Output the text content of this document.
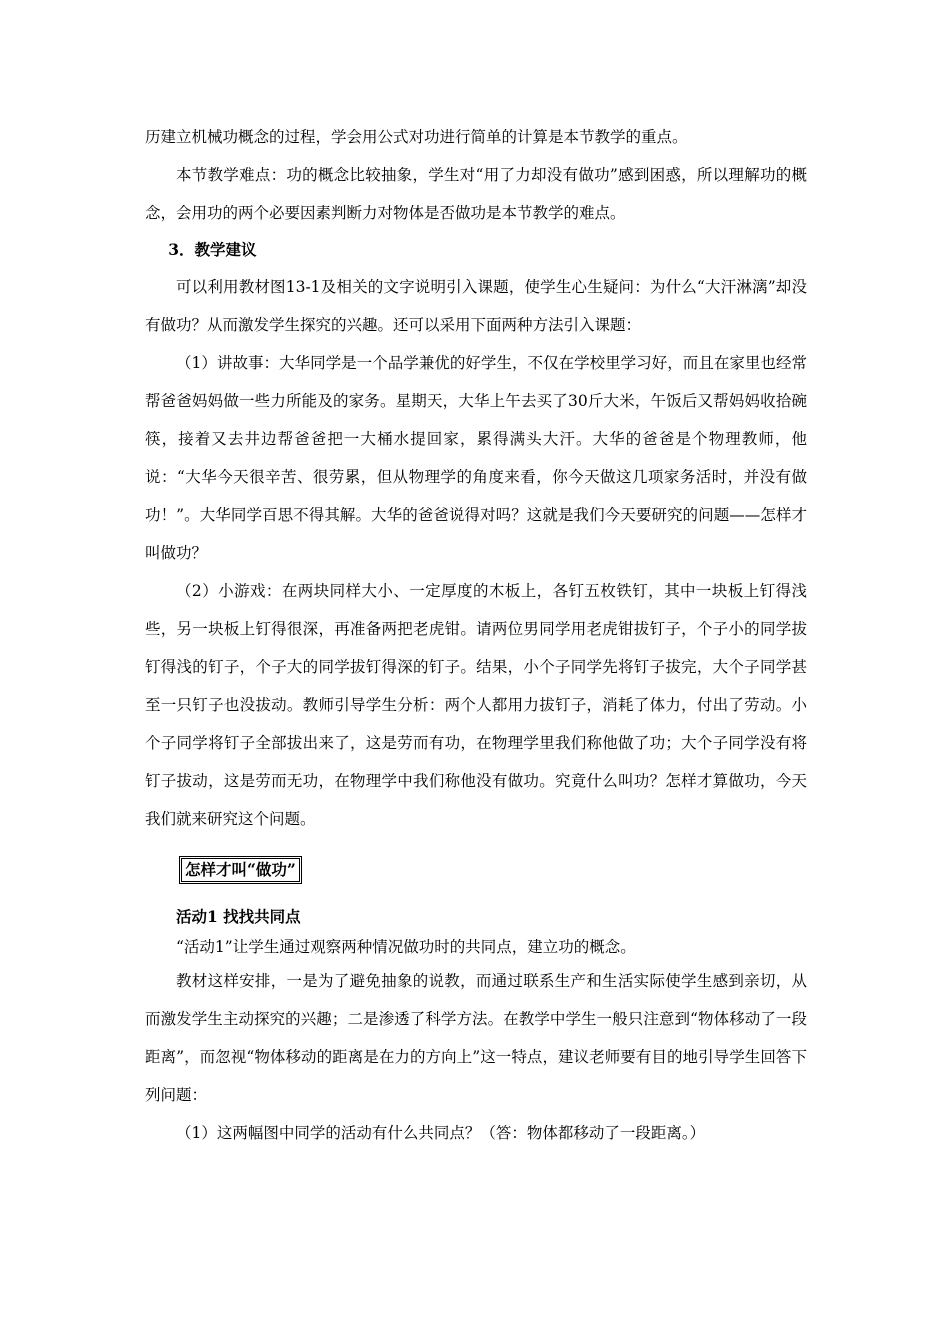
历建立机械功概念的过程，学会用公式对功进行简单的计算是本节教学的重点。

本节教学难点：功的概念比较抽象，学生对“用了力却没有做功”感到困惑，所以理解功的概念，会用功的两个必要因素判断力对物体是否做功是本节教学的难点。

3．教学建议

可以利用教材图13-1及相关的文字说明引入课题，使学生心生疑问：为什么“大汗淋漓”却没有做功？从而激发学生探究的兴趣。还可以采用下面两种方法引入课题：

（1）讲故事：大华同学是一个品学兼优的好学生，不仅在学校里学习好，而且在家里也经常帮爸爸妈妈做一些力所能及的家务。星期天，大华上午去买了30斤大米，午饭后又帮妈妈收拾碗筷，接着又去井边帮爸爸把一大桶水提回家，累得满头大汗。大华的爸爸是个物理教师，他说：“大华今天很辛苦、很劳累，但从物理学的角度来看，你今天做这几项家务活时，并没有做功！”。大华同学百思不得其解。大华的爸爸说得对吗？这就是我们今天要研究的问题——怎样才叫做功？

（2）小游戏：在两块同样大小、一定厚度的木板上，各钉五枚铁钉，其中一块板上钉得浅些，另一块板上钉得很深，再准备两把老虎钳。请两位男同学用老虎钳拔钉子，个子小的同学拔钉得浅的钉子，个子大的同学拔钉得深的钉子。结果，小个子同学先将钉子拔完，大个子同学甚至一只钉子也没拔动。教师引导学生分析：两个人都用力拔钉子，消耗了体力，付出了劳动。小个子同学将钉子全部拔出来了，这是劳而有功，在物理学里我们称他做了功；大个子同学没有将钉子拔动，这是劳而无功，在物理学中我们称他没有做功。究竟什么叫功？怎样才算做功，今天我们就来研究这个问题。

怎样才叫“做功”
活动1 找找共同点

“活动1”让学生通过观察两种情况做功时的共同点，建立功的概念。

教材这样安排，一是为了避免抽象的说教，而通过联系生产和生活实际使学生感到亲切，从而激发学生主动探究的兴趣；二是渗透了科学方法。在教学中学生一般只注意到“物体移动了一段距离”，而忽视“物体移动的距离是在力的方向上”这一特点，建议老师要有目的地引导学生回答下列问题：

（1）这两幅图中同学的活动有什么共同点？（答：物体都移动了一段距离。）
